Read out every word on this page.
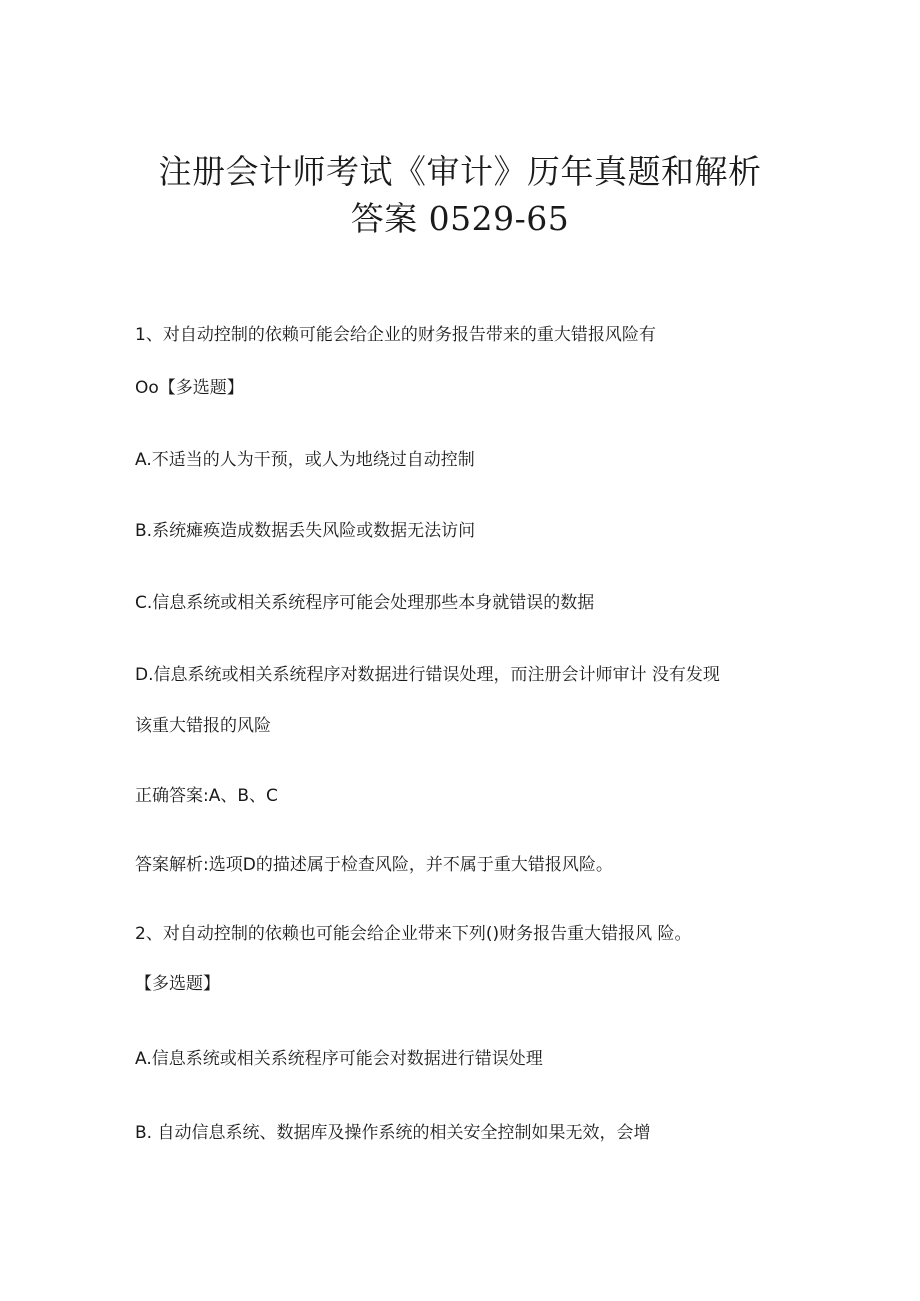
注册会计师考试《审计》历年真题和解析
答案 0529-65

1、对自动控制的依赖可能会给企业的财务报告带来的重大错报风险有

Oo【多选题】

A.不适当的人为干预，或人为地绕过自动控制

B.系统瘫痪造成数据丢失风险或数据无法访问

C.信息系统或相关系统程序可能会处理那些本身就错误的数据

D.信息系统或相关系统程序对数据进行错误处理，而注册会计师审计 没有发现

该重大错报的风险

正确答案:A、B、C

答案解析:选项D的描述属于检查风险，并不属于重大错报风险。

2、对自动控制的依赖也可能会给企业带来下列()财务报告重大错报风 险。

【多选题】

A.信息系统或相关系统程序可能会对数据进行错误处理

B. 自动信息系统、数据库及操作系统的相关安全控制如果无效，会增
